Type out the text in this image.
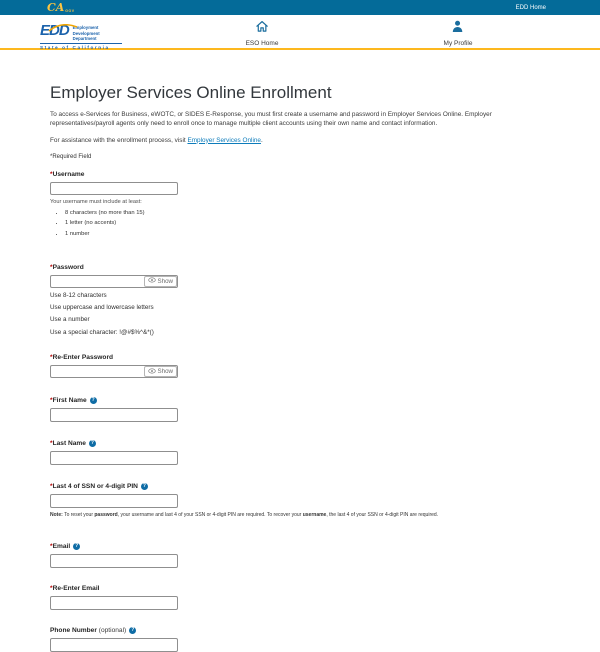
CA GOV
EDD Home
EDD Employment
Development
Department
State of California
ESO Home	My Profile
Employer Services Online Enrollment

To access e-Services for Business, eWOTC, or SIDES E-Response, you must first create a username and password in Employer Services Online. Employer representatives/payroll agents only need to enroll once to manage multiple client accounts using their own name and contact information.

For assistance with the enrollment process, visit Employer Services Online.

*Required Field
*Username
Your username must include at least:
• 8 characters (no more than 15)
• 1 letter (no accents)
• 1 number
*Password
Show
Use 8-12 characters
Use uppercase and lowercase letters
Use a number
Use a special character: !@#$%^&*()
*Re-Enter Password
Show
*First Name ?
*Last Name ?
*Last 4 of SSN or 4-digit PIN ?
Note: To reset your password, your username and last 4 of your SSN or 4-digit PIN are required. To recover your username, the last 4 of your SSN or 4-digit PIN are required.
*Email ?
*Re-Enter Email
Phone Number (optional) ?
